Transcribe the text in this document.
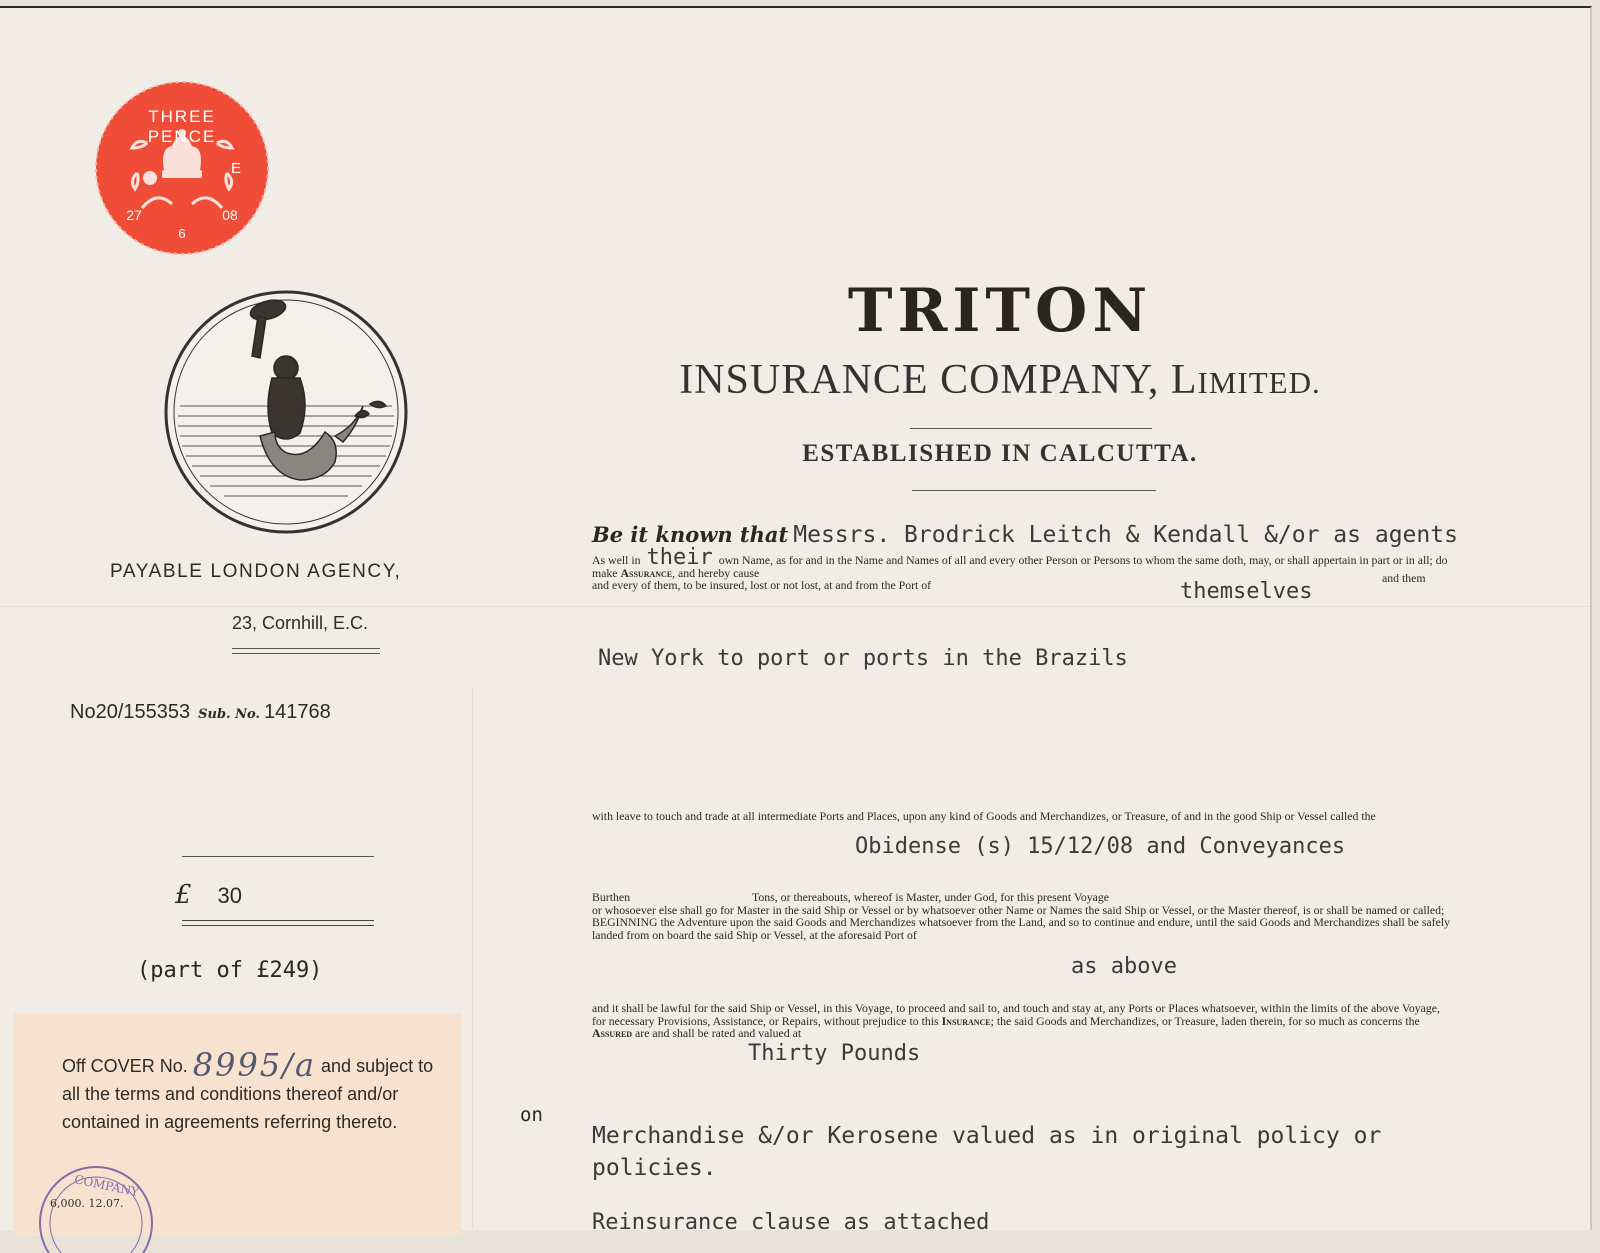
THREE
PENCE
E
27
6
08
PAYABLE LONDON AGENCY,
23, Cornhill, E.C.
No20/155353 Sub. No. 141768
£ 30
(part of £249)
Off COVER No. 8995/a and subject to all the terms and conditions thereof and/or contained in agreements referring thereto.
COMPANY
6,000. 12.07.
TRITON
INSURANCE COMPANY, LIMITED.
ESTABLISHED IN CALCUTTA.
Be it known that Messrs. Brodrick Leitch & Kendall &/or as agents
As well in their own Name, as for and in the Name and Names of all and every other Person or Persons to whom the same doth, may, or shall appertain in part or in all; do make Assurance, and hereby cause
and every of them, to be insured, lost or not lost, at and from the Port of	and them
themselves
New York to port or ports in the Brazils
with leave to touch and trade at all intermediate Ports and Places, upon any kind of Goods and Merchandizes, or Treasure, of and in the good Ship or Vessel called the
Obidense (s) 15/12/08 and Conveyances
Burthen	Tons, or thereabouts, whereof is Master, under God, for this present Voyage
or whosoever else shall go for Master in the said Ship or Vessel or by whatsoever other Name or Names the said Ship or Vessel, or the Master thereof, is or shall be named or called; BEGINNING the Adventure upon the said Goods and Merchandizes whatsoever from the Land, and so to continue and endure, until the said Goods and Merchandizes shall be safely landed from on board the said Ship or Vessel, at the aforesaid Port of
as above
and it shall be lawful for the said Ship or Vessel, in this Voyage, to proceed and sail to, and touch and stay at, any Ports or Places whatsoever, within the limits of the above Voyage, for necessary Provisions, Assistance, or Repairs, without prejudice to this Insurance; the said Goods and Merchandizes, or Treasure, laden therein, for so much as concerns the Assured are and shall be rated and valued at
Thirty Pounds
on
Merchandise &/or Kerosene valued as in original policy or policies.
Reinsurance clause as attached
